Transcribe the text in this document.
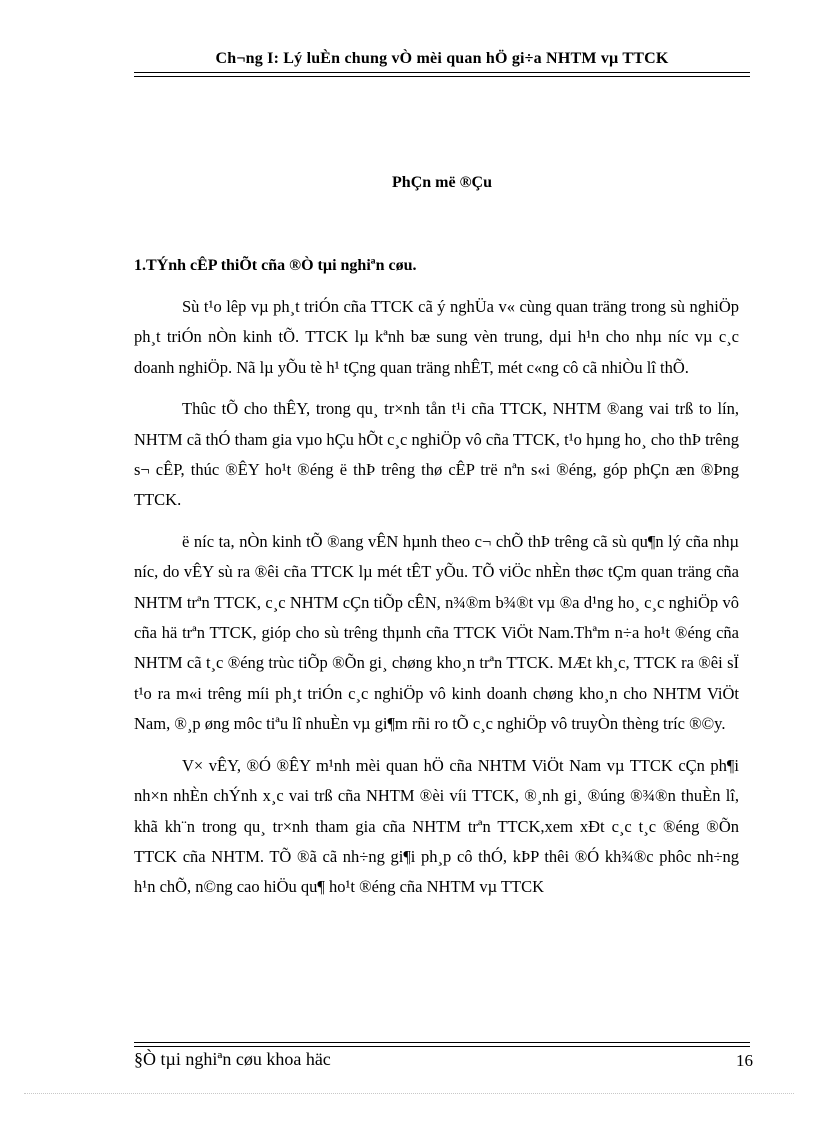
Ch¬ng I: Lý luÈn chung vÒ mèi quan hÖ gi÷a NHTM vµ TTCK
PhÇn më ®Çu
1.TÝnh cÊP thiÕt cña ®Ò tµi nghiªn cøu.

Sù t¹o lêp vµ ph¸t triÓn cña TTCK cã ý nghÜa v« cùng quan träng trong sù nghiÖp ph¸t triÓn nÒn kinh tÕ. TTCK lµ kªnh bæ sung vèn trung, dµi h¹n cho nhµ níc vµ c¸c doanh nghiÖp. Nã lµ yÕu tè h¹ tÇng quan träng nhÊT, mét c«ng cô cã nhiÒu lî thÕ.

Thûc tÕ cho thÊY, trong qu¸ tr×nh tån t¹i cña TTCK, NHTM ®ang vai trß to lín, NHTM cã thÓ tham gia vµo hÇu hÕt c¸c nghiÖp vô cña TTCK, t¹o hµng ho¸ cho thÞ trêng s¬ cÊP, thúc ®ÊY ho¹t ®éng ë thÞ trêng thø cÊP trë nªn s«i ®éng, góp phÇn æn ®Þng TTCK.

ë níc ta, nÒn kinh tÕ ®ang vÊN hµnh theo c¬ chÕ thÞ trêng cã sù qu¶n lý cña nhµ níc, do vÊY sù ra ®êi cña TTCK lµ mét tÊT yÕu. TÕ viÖc nhÈn thøc tÇm quan träng cña NHTM trªn TTCK, c¸c NHTM cÇn tiÕp cÊN, n¾®m b¾®t vµ ®a d¹ng ho¸ c¸c nghiÖp vô cña hä trªn TTCK, gióp cho sù trêng thµnh cña TTCK ViÖt Nam.Thªm n÷a ho¹t ®éng cña NHTM cã t¸c ®éng trùc tiÕp ®Õn gi¸ chøng kho¸n trªn TTCK. MÆt kh¸c, TTCK ra ®êi sÏ t¹o ra m«i trêng míi ph¸t triÓn c¸c nghiÖp vô kinh doanh chøng kho¸n cho NHTM ViÖt Nam, ®¸p øng môc tiªu lî nhuÈn vµ gi¶m rñi ro tÕ c¸c nghiÖp vô truyÒn thèng tríc ®©y.

V× vÊY, ®Ó ®ÊY m¹nh mèi quan hÖ cña NHTM ViÖt Nam vµ TTCK cÇn ph¶i nh×n nhÈn chÝnh x¸c vai trß cña NHTM ®èi víi TTCK, ®¸nh gi¸ ®úng ®¾®n thuÈn lî, khã kh¨n trong qu¸ tr×nh tham gia cña NHTM trªn TTCK,xem xÐt c¸c t¸c ®éng ®Õn TTCK cña NHTM. TÕ ®ã cã nh÷ng gi¶i ph¸p cô thÓ, kÞP thêi ®Ó kh¾®c phôc nh÷ng h¹n chÕ, n©ng cao hiÖu qu¶ ho¹t ®éng cña NHTM vµ TTCK

§Ò tµi nghiªn cøu khoa häc	16
